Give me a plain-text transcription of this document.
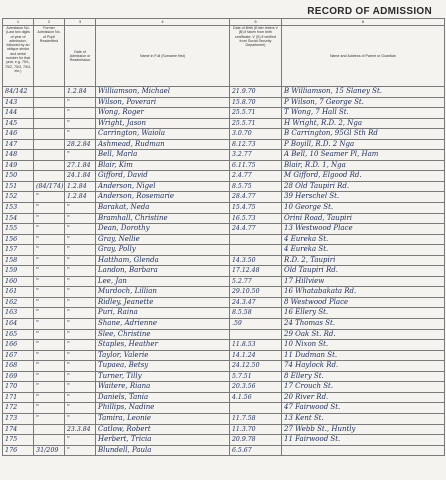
RECORD OF ADMISSION
1	2	3	4	5	6
Admission No. (Last two digits of year of admission, followed by an oblique stroke and serial number for that year, e.g. 75/1, 75/2, 75/3, 75/4, etc.)	Former Admission No. of Pupil Readmitted	Date of Admission or Readmission	Name in Full (Surname first)	Date of Birth (Enter letters V (B) if taken from birth certificate; V (S) if verified from Social Security Department)	Name and Address of Parent or Guardian
84/142		1.2.84	Williamson, Michael	21.9.70	B Williamson, 15 Slaney St.
143		"	Wilson, Poverari	15.8.70	P Wilson, 7 George St.
144		"	Wong, Roger	25.5.71	T Wong, 7 Hall St.
145		"	Wright, Jason	25.5.71	H Wright, R.D. 2, Nga
146		"	Carrington, Waiola	3.0.70	B Carrington, 95Gl Sth Rd
147		28.2.84	Ashmead, Rudman	8.12.73	P Boyill, R.D. 2 Nga
148		"	Bell, Marla	3.2.77	A Bell, 10 Seamer Pl, Ham
149		27.1.84	Blair, Kim	6.11.75	Blair, R.D. 1, Nga
150		24.1.84	Gifford, David	2.4.77	M Gifford, Elgood Rd.
151	(84/174)	1.2.84	Anderson, Nigel	8.5.75	28 Old Taupiri Rd.
152	"	1.2.84	Anderson, Rosemarie	28.4.77	39 Herschel St.
153	"	"	Barakat, Neda	15.4.75	10 George St.
154	"	"	Bramhall, Christine	16.5.73	Orini Road, Taupiri
155	"	"	Dean, Dorothy	24.4.77	13 Westwood Place
156	"	"	Gray, Nellie		4 Eureka St.
157	"	"	Gray, Polly		4 Eureka St.
158	"	"	Hattham, Glenda	14.3.50	R.D. 2, Taupiri
159	"	"	Landon, Barbara	17.12.48	Old Taupiri Rd.
160	"	"	Lee, Jan	5.2.77	17 Hillview
161	"	"	Murdoch, Lillian	29.10.50	16 Whatabakata Rd.
162	"	"	Ridley, Jeanette	24.3.47	8 Westwood Place
163	"	"	Puri, Raina	8.5.58	16 Ellery St.
164	"	"	Shane, Adrienne	.59	24 Thomas St.
165	"	"	Slee, Christine		29 Oak St. Rd.
166	"	"	Staples, Heather	11.8.53	10 Nixon St.
167	"	"	Taylor, Valerie	14.1.24	11 Dudman St.
168	"	"	Tupaea, Betsy	24.12.50	74 Haylock Rd.
169	"	"	Turner, Tilly	5.7.51	8 Ellery St.
170	"	"	Waitere, Riana	20.3.56	17 Crouch St.
171	"	"	Daniels, Tania	4.1.56	20 River Rd.
172	"	"	Phillips, Nadine		47 Fairwood St.
173	"	"	Tamira, Leonie	11.7.58	13 Kent St.
174		23.3.84	Catlow, Robert	11.3.70	27 Webb St., Huntly
175		"	Herbert, Tricia	20.9.78	11 Fairwood St.
176	31/209	"	Blundell, Paula	6.5.67	
